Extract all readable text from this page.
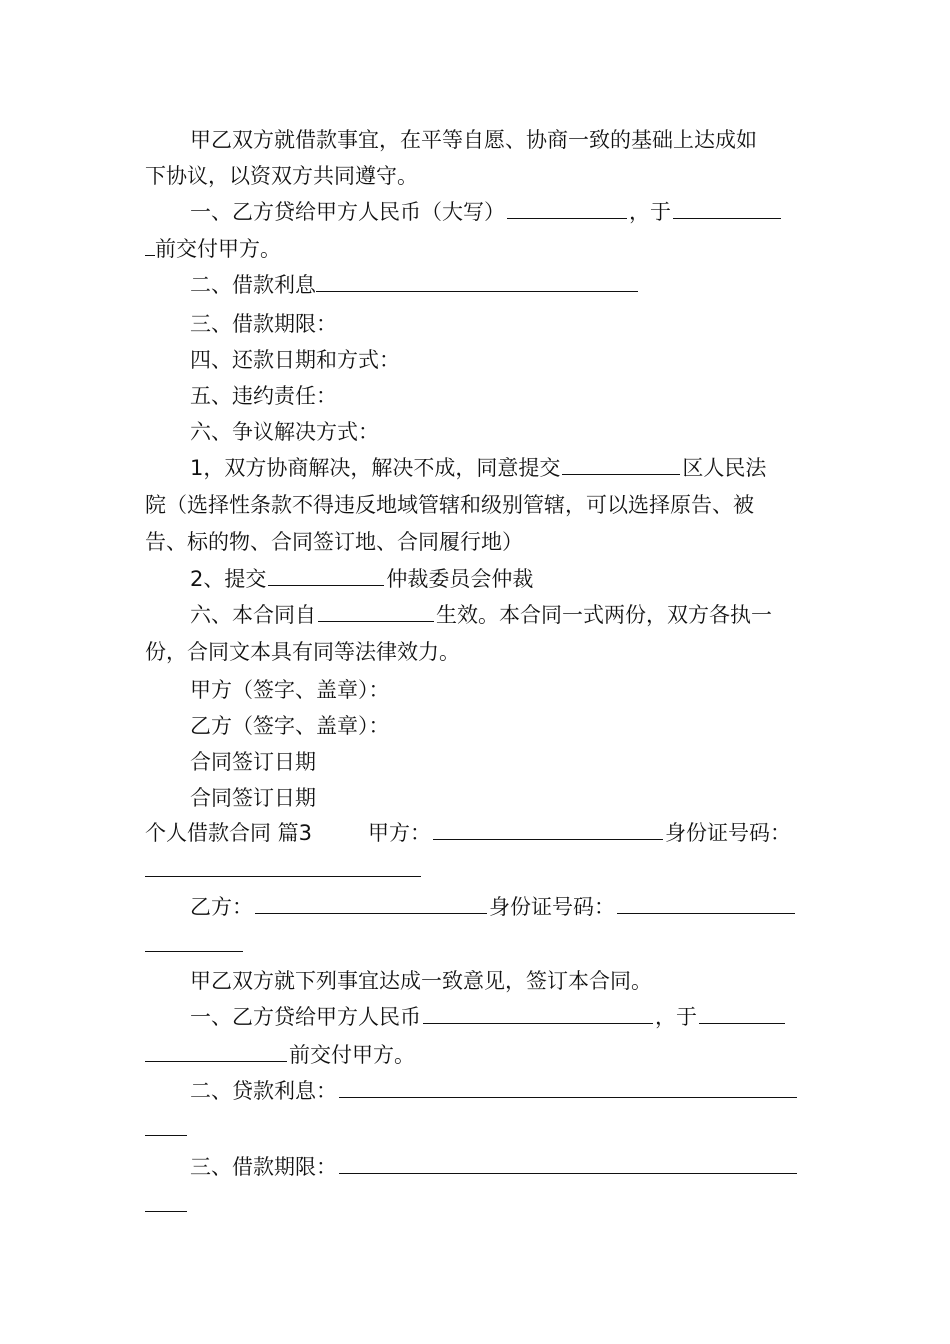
甲乙双方就借款事宜，在平等自愿、协商一致的基础上达成如
下协议，以资双方共同遵守。
一、乙方贷给甲方人民币（大写）	，于
前交付甲方。
二、借款利息
三、借款期限：
四、还款日期和方式：
五、违约责任：
六、争议解决方式：
1，双方协商解决，解决不成，同意提交	区人民法
院（选择性条款不得违反地域管辖和级别管辖，可以选择原告、被
告、标的物、合同签订地、合同履行地）
2、提交	仲裁委员会仲裁
六、本合同自	生效。本合同一式两份，双方各执一
份，合同文本具有同等法律效力。
甲方（签字、盖章）：
乙方（签字、盖章）：
合同签订日期
合同签订日期
个人借款合同 篇3	甲方：	身份证号码：
乙方：	身份证号码：
甲乙双方就下列事宜达成一致意见，签订本合同。
一、乙方贷给甲方人民币	，于
前交付甲方。
二、贷款利息：
三、借款期限：
